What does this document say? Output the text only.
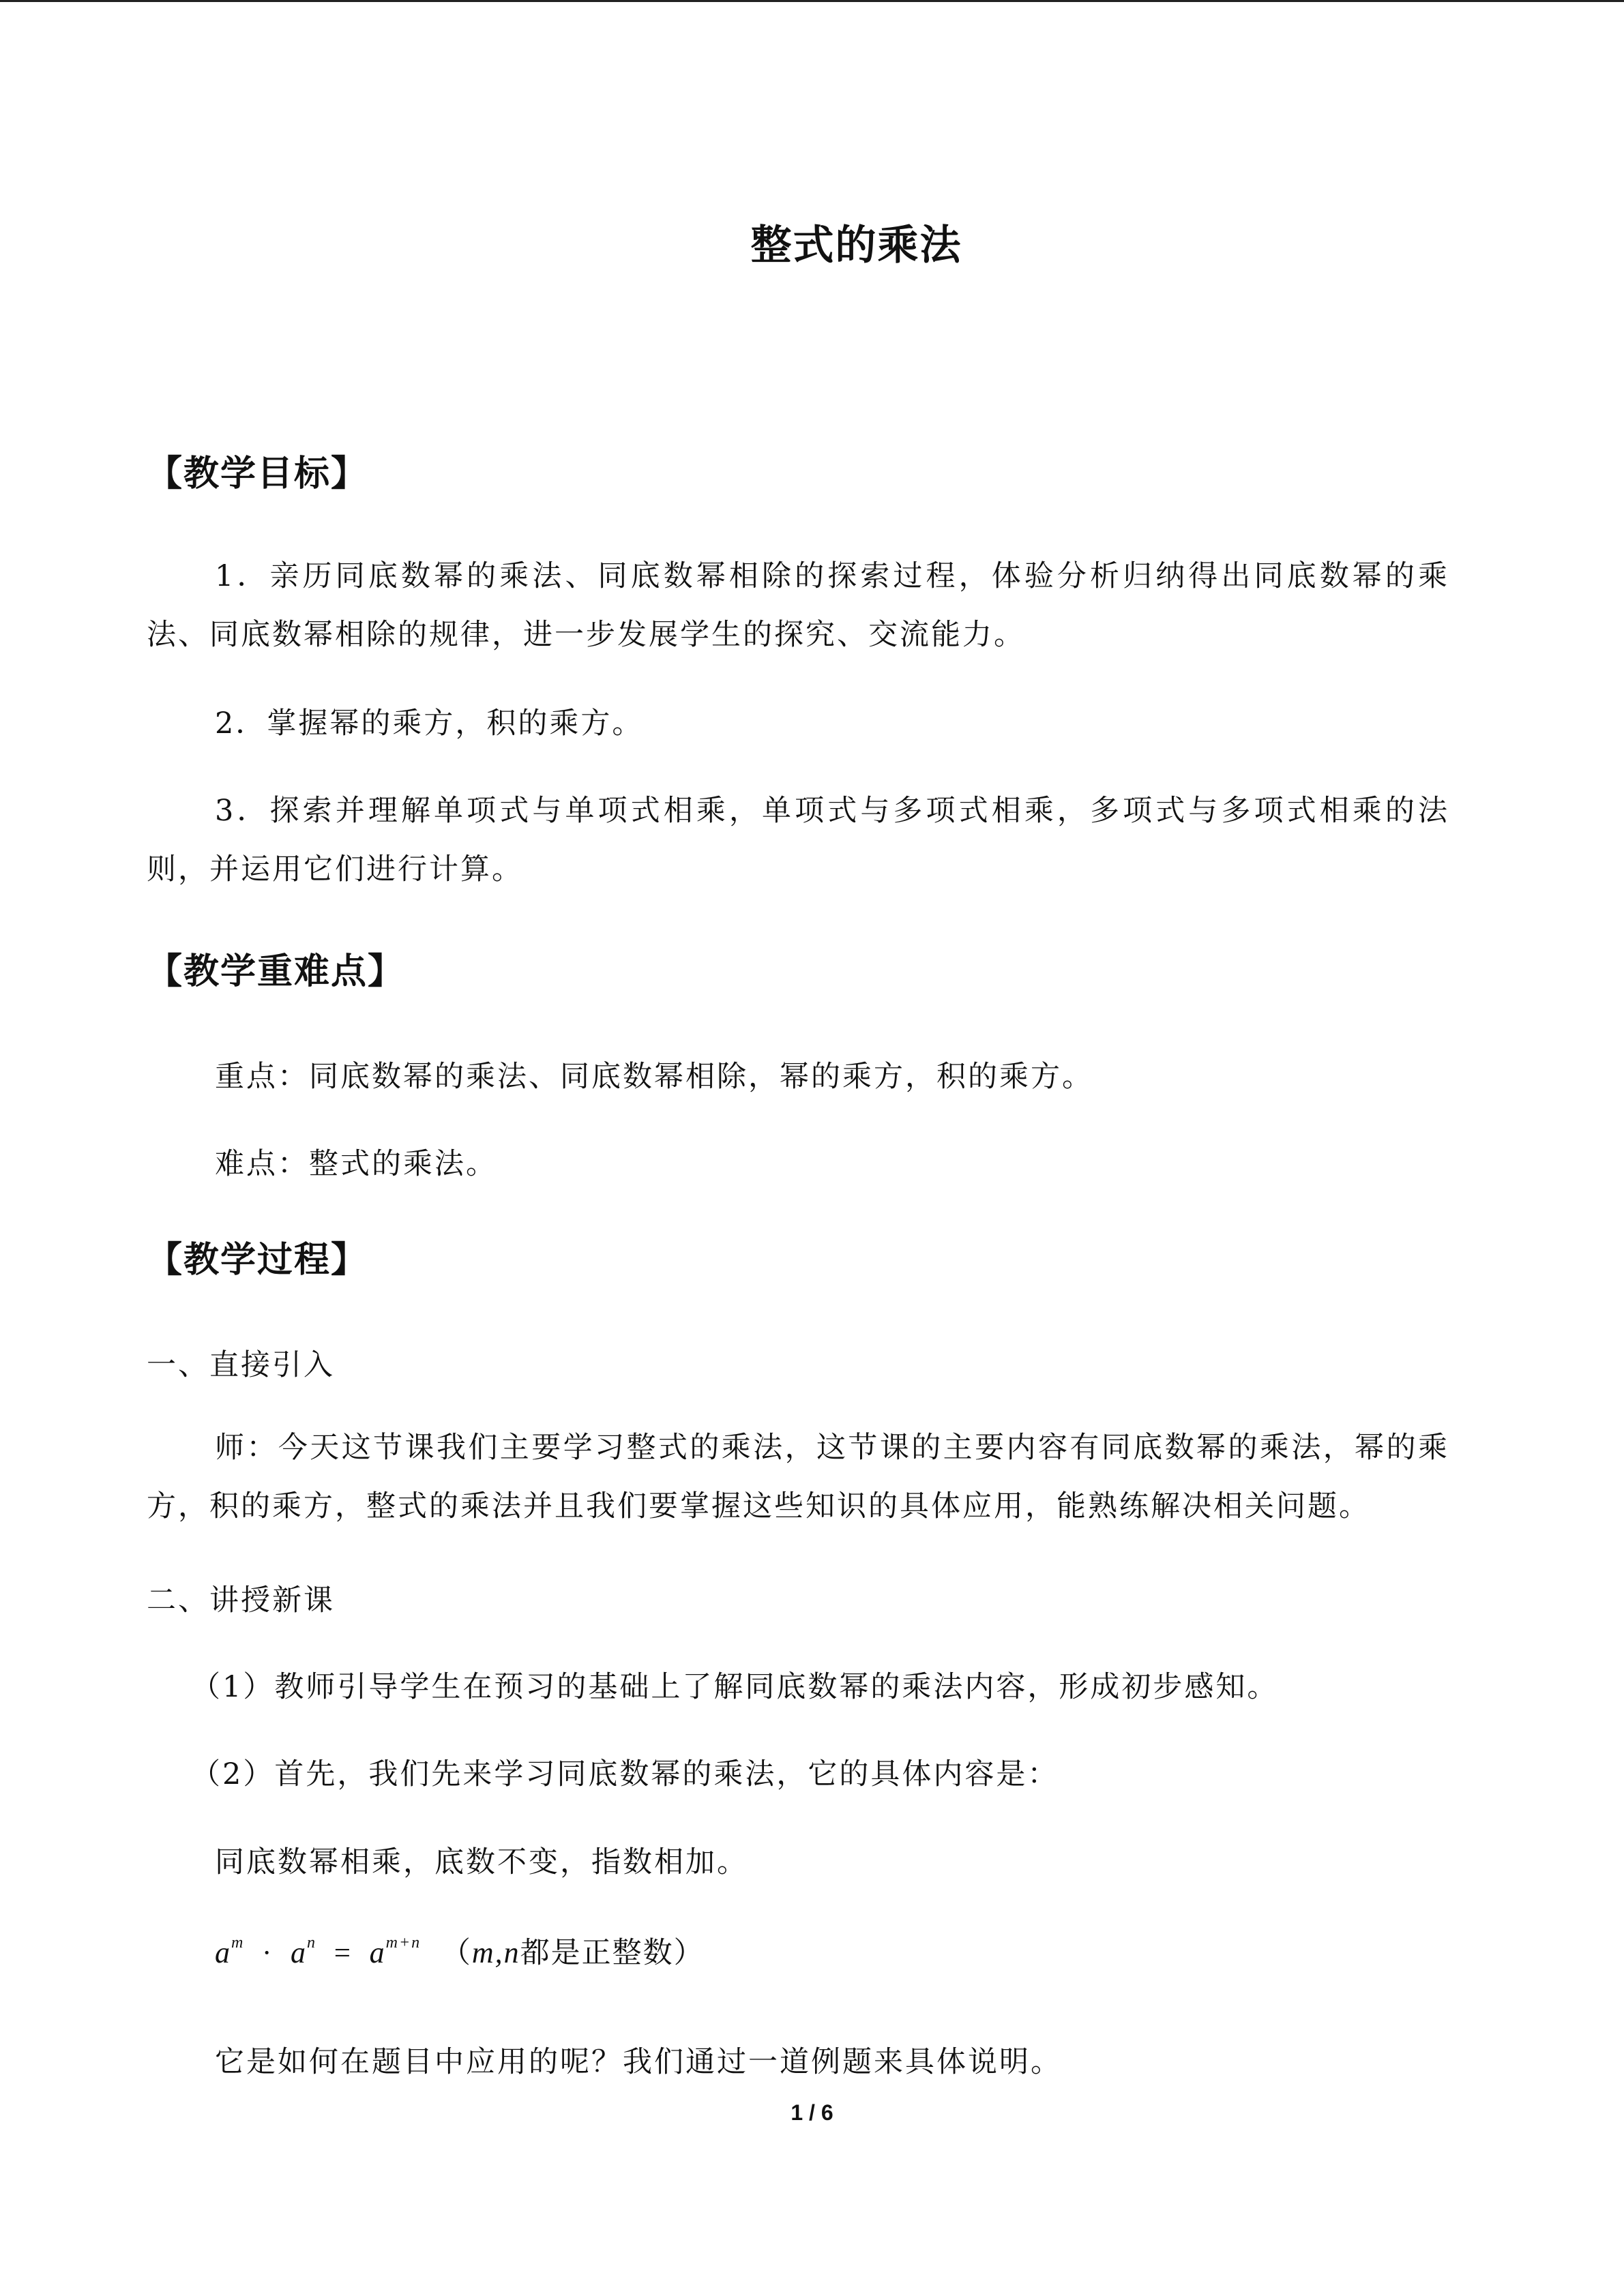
整式的乘法
【教学目标】
1．亲历同底数幂的乘法、同底数幂相除的探索过程，体验分析归纳得出同底数幂的乘法、同底数幂相除的规律，进一步发展学生的探究、交流能力。
2．掌握幂的乘方，积的乘方。
3．探索并理解单项式与单项式相乘，单项式与多项式相乘，多项式与多项式相乘的法则，并运用它们进行计算。
【教学重难点】
重点：同底数幂的乘法、同底数幂相除，幂的乘方，积的乘方。
难点：整式的乘法。
【教学过程】
一、直接引入
师：今天这节课我们主要学习整式的乘法，这节课的主要内容有同底数幂的乘法，幂的乘方，积的乘方，整式的乘法并且我们要掌握这些知识的具体应用，能熟练解决相关问题。
二、讲授新课
（1）教师引导学生在预习的基础上了解同底数幂的乘法内容，形成初步感知。
（2）首先，我们先来学习同底数幂的乘法，它的具体内容是：
同底数幂相乘，底数不变，指数相加。
$a^m \cdot a^n = a^{m+n}$ （m,n都是正整数）
它是如何在题目中应用的呢？我们通过一道例题来具体说明。
1 / 6
